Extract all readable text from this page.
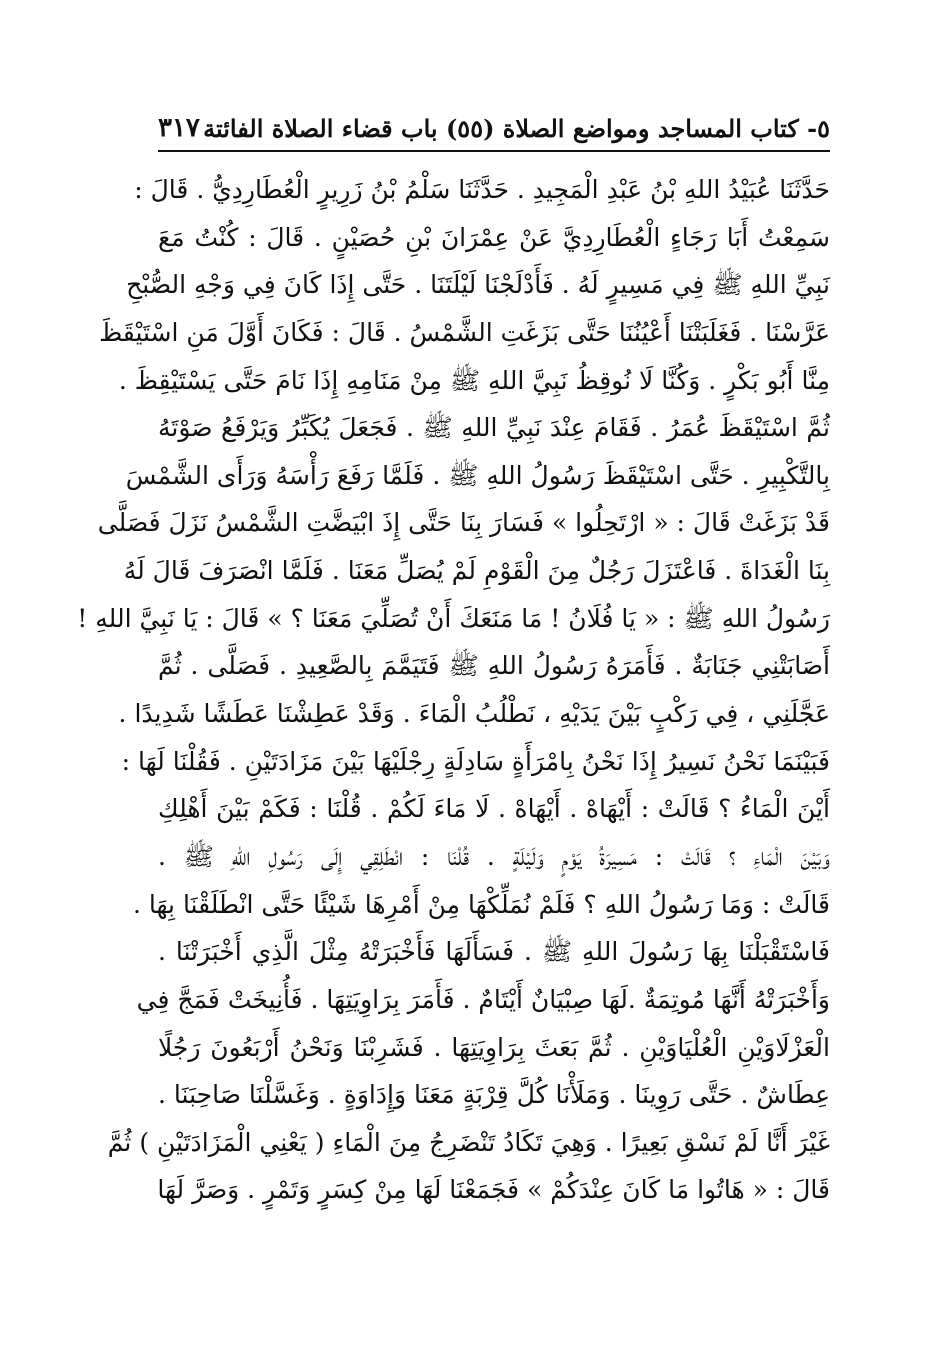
٥- كتاب المساجد ومواضع الصلاة (٥٥) باب قضاء الصلاة الفائتة
٣١٧
حَدَّثَنَا عُبَيْدُ اللهِ بْنُ عَبْدِ الْمَجِيدِ . حَدَّثَنَا سَلْمُ بْنُ زَرِيرٍ الْعُطَارِدِيُّ . قَالَ :
سَمِعْتُ أَبَا رَجَاءٍ الْعُطَارِدِيَّ عَنْ عِمْرَانَ بْنِ حُصَيْنٍ . قَالَ : كُنْتُ مَعَ
نَبِيِّ اللهِ ﷺ فِي مَسِيرٍ لَهُ . فَأَدْلَجْنَا لَيْلَتَنَا . حَتَّى إِذَا كَانَ فِي وَجْهِ الصُّبْحِ
عَرَّسْنَا . فَغَلَبَتْنَا أَعْيُنُنَا حَتَّى بَزَغَتِ الشَّمْسُ . قَالَ : فَكَانَ أَوَّلَ مَنِ اسْتَيْقَظَ
مِنَّا أَبُو بَكْرٍ . وَكُنَّا لَا نُوقِظُ نَبِيَّ اللهِ ﷺ مِنْ مَنَامِهِ إِذَا نَامَ حَتَّى يَسْتَيْقِظَ .
ثُمَّ اسْتَيْقَظَ عُمَرُ . فَقَامَ عِنْدَ نَبِيِّ اللهِ ﷺ . فَجَعَلَ يُكَبِّرُ وَيَرْفَعُ صَوْتَهُ
بِالتَّكْبِيرِ . حَتَّى اسْتَيْقَظَ رَسُولُ اللهِ ﷺ . فَلَمَّا رَفَعَ رَأْسَهُ وَرَأَى الشَّمْسَ
قَدْ بَزَغَتْ قَالَ : « ارْتَحِلُوا » فَسَارَ بِنَا حَتَّى إِذَ ابْيَضَّتِ الشَّمْسُ نَزَلَ فَصَلَّى
بِنَا الْغَدَاةَ . فَاعْتَزَلَ رَجُلٌ مِنَ الْقَوْمِ لَمْ يُصَلِّ مَعَنَا . فَلَمَّا انْصَرَفَ قَالَ لَهُ
رَسُولُ اللهِ ﷺ : « يَا فُلَانُ ! مَا مَنَعَكَ أَنْ تُصَلِّيَ مَعَنَا ؟ » قَالَ : يَا نَبِيَّ اللهِ !
أَصَابَتْنِي جَنَابَةٌ . فَأَمَرَهُ رَسُولُ اللهِ ﷺ فَتَيَمَّمَ بِالصَّعِيدِ . فَصَلَّى . ثُمَّ
عَجَّلَنِي ، فِي رَكْبٍ بَيْنَ يَدَيْهِ ، نَطْلُبُ الْمَاءَ . وَقَدْ عَطِشْنَا عَطَشًا شَدِيدًا .
فَبَيْنَمَا نَحْنُ نَسِيرُ إِذَا نَحْنُ بِامْرَأَةٍ سَادِلَةٍ رِجْلَيْهَا بَيْنَ مَزَادَتَيْنِ . فَقُلْنَا لَهَا :
أَيْنَ الْمَاءُ ؟ قَالَتْ : أَيْهَاهْ . أَيْهَاهْ . لَا مَاءَ لَكُمْ . قُلْنَا : فَكَمْ بَيْنَ أَهْلِكِ
وَبَيْنَ الْمَاءِ ؟ قَالَتْ : مَسِيرَةُ يَوْمٍ وَلَيْلَةٍ . قُلْنَا : انْطَلِقِي إِلَى رَسُولِ اللهِ ﷺ .
قَالَتْ : وَمَا رَسُولُ اللهِ ؟ فَلَمْ نُمَلِّكْهَا مِنْ أَمْرِهَا شَيْئًا حَتَّى انْطَلَقْنَا بِهَا .
فَاسْتَقْبَلْنَا بِهَا رَسُولَ اللهِ ﷺ . فَسَأَلَهَا فَأَخْبَرَتْهُ مِثْلَ الَّذِي أَخْبَرَتْنَا .
وَأَخْبَرَتْهُ أَنَّهَا مُوتِمَةٌ .لَهَا صِبْيَانٌ أَيْتَامٌ . فَأَمَرَ بِرَاوِيَتِهَا . فَأُنِيخَتْ فَمَجَّ فِي
الْعَزْلَاوَيْنِ الْعُلْيَاوَيْنِ . ثُمَّ بَعَثَ بِرَاوِيَتِهَا . فَشَرِبْنَا وَنَحْنُ أَرْبَعُونَ رَجُلًا
عِطَاشٌ . حَتَّى رَوِينَا . وَمَلَأْنَا كُلَّ قِرْبَةٍ مَعَنَا وَإِدَاوَةٍ . وَغَسَّلْنَا صَاحِبَنَا .
غَيْرَ أَنَّا لَمْ نَسْقِ بَعِيرًا . وَهِيَ تَكَادُ تَنْضَرِجُ مِنَ الْمَاءِ ( يَعْنِي الْمَزَادَتَيْنِ ) ثُمَّ
قَالَ : « هَاتُوا مَا كَانَ عِنْدَكُمْ » فَجَمَعْنَا لَهَا مِنْ كِسَرٍ وَتَمْرٍ . وَصَرَّ لَهَا
